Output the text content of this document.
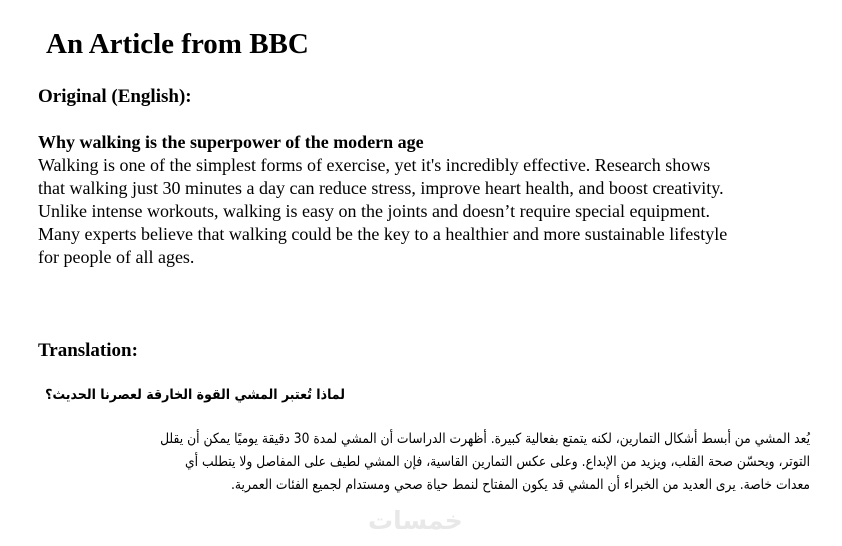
An Article from BBC

Original (English):

Why walking is the superpower of the modern age
Walking is one of the simplest forms of exercise, yet it's incredibly effective. Research shows
that walking just 30 minutes a day can reduce stress, improve heart health, and boost creativity.
Unlike intense workouts, walking is easy on the joints and doesn’t require special equipment.
Many experts believe that walking could be the key to a healthier and more sustainable lifestyle
for people of all ages.

Translation:

لماذا تُعتبر المشي القوة الخارقة لعصرنا الحديث؟

يُعد المشي من أبسط أشكال التمارين، لكنه يتمتع بفعالية كبيرة. أظهرت الدراسات أن المشي لمدة 30 دقيقة يوميًا يمكن أن يقلل
التوتر، ويحسّن صحة القلب، ويزيد من الإبداع. وعلى عكس التمارين القاسية، فإن المشي لطيف على المفاصل ولا يتطلب أي
معدات خاصة. يرى العديد من الخبراء أن المشي قد يكون المفتاح لنمط حياة صحي ومستدام لجميع الفئات العمرية.
خمسات
